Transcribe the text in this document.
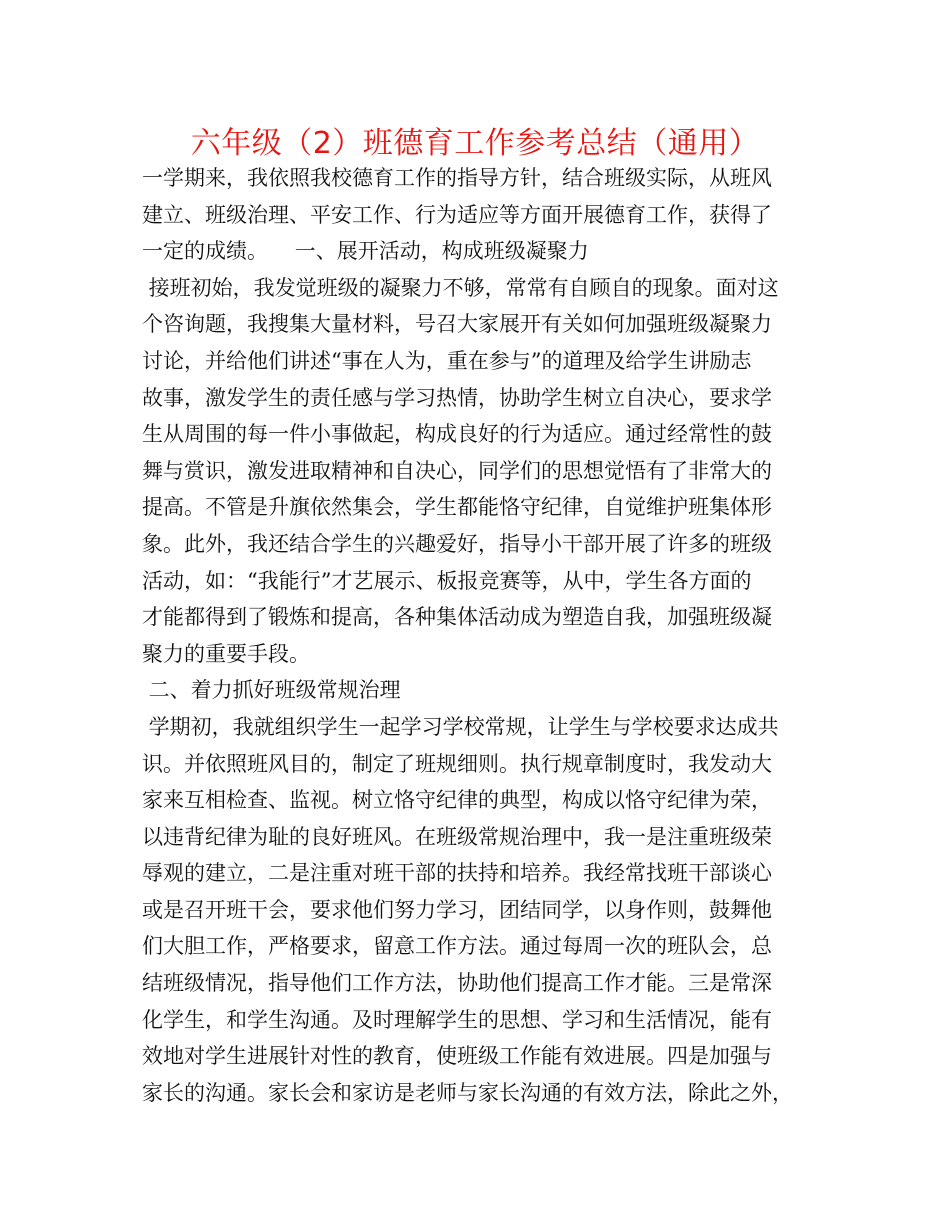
六年级（2）班德育工作参考总结（通用）
一学期来，我依照我校德育工作的指导方针，结合班级实际，从班风
建立、班级治理、平安工作、行为适应等方面开展德育工作，获得了
一定的成绩。    一、展开活动，构成班级凝聚力
接班初始，我发觉班级的凝聚力不够，常常有自顾自的现象。面对这
个咨询题，我搜集大量材料，号召大家展开有关如何加强班级凝聚力
讨论，并给他们讲述“事在人为，重在参与”的道理及给学生讲励志
故事，激发学生的责任感与学习热情，协助学生树立自决心，要求学
生从周围的每一件小事做起，构成良好的行为适应。通过经常性的鼓
舞与赏识，激发进取精神和自决心，同学们的思想觉悟有了非常大的
提高。不管是升旗依然集会，学生都能恪守纪律，自觉维护班集体形
象。此外，我还结合学生的兴趣爱好，指导小干部开展了许多的班级
活动，如：“我能行”才艺展示、板报竞赛等，从中，学生各方面的
才能都得到了锻炼和提高，各种集体活动成为塑造自我，加强班级凝
聚力的重要手段。
二、着力抓好班级常规治理
学期初，我就组织学生一起学习学校常规，让学生与学校要求达成共
识。并依照班风目的，制定了班规细则。执行规章制度时，我发动大
家来互相检查、监视。树立恪守纪律的典型，构成以恪守纪律为荣，
以违背纪律为耻的良好班风。在班级常规治理中，我一是注重班级荣
辱观的建立，二是注重对班干部的扶持和培养。我经常找班干部谈心
或是召开班干会，要求他们努力学习，团结同学，以身作则，鼓舞他
们大胆工作，严格要求，留意工作方法。通过每周一次的班队会，总
结班级情况，指导他们工作方法，协助他们提高工作才能。三是常深
化学生，和学生沟通。及时理解学生的思想、学习和生活情况，能有
效地对学生进展针对性的教育，使班级工作能有效进展。四是加强与
家长的沟通。家长会和家访是老师与家长沟通的有效方法，除此之外，
